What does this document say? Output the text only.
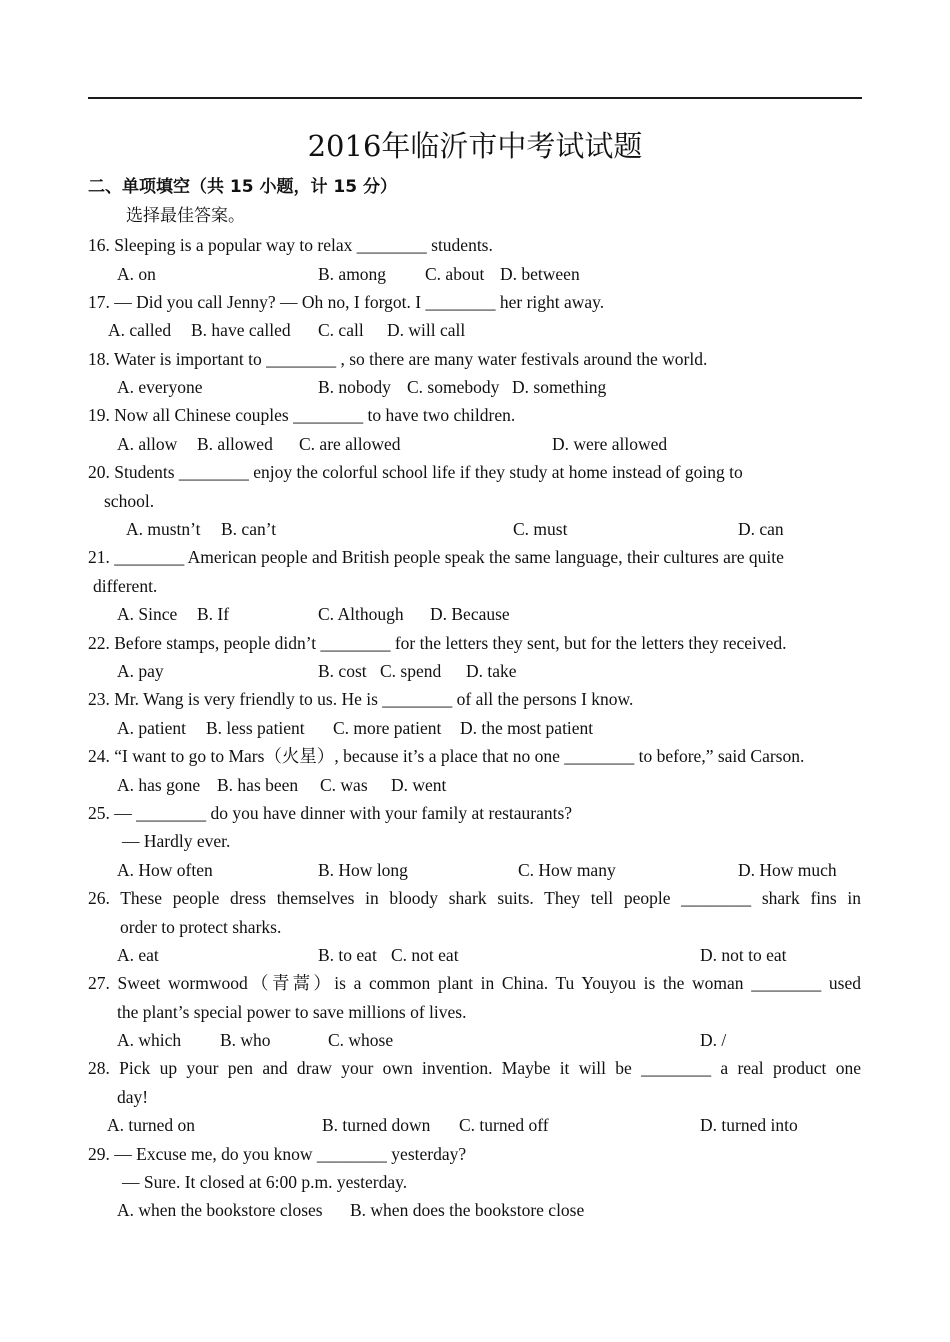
2016年临沂市中考试试题
二、单项填空（共 15 小题，计 15 分）
选择最佳答案。
16. Sleeping is a popular way to relax ________ students.
A. on	B. among C. about D. between
17. — Did you call Jenny? — Oh no, I forgot. I ________ her right away.
A. called B. have called C. call D. will call
18. Water is important to ________ , so there are many water festivals around the world.
A. everyone	B. nobody C. somebody D. something
19. Now all Chinese couples ________ to have two children.
A. allow B. allowed C. are allowed	D. were allowed
20. Students ________ enjoy the colorful school life if they study at home instead of going to
school.
A. mustn’t B. can’t	C. must	D. can
21. ________ American people and British people speak the same language, their cultures are quite
different.
A. Since B. If	C. Although D. Because
22. Before stamps, people didn’t ________ for the letters they sent, but for the letters they received.
A. pay	B. cost C. spend D. take
23. Mr. Wang is very friendly to us. He is ________ of all the persons I know.
A. patient B. less patient C. more patient D. the most patient
24. “I want to go to Mars（火星）, because it’s a place that no one ________ to before,” said Carson.
A. has gone B. has been C. was D. went
25. — ________ do you have dinner with your family at restaurants?
— Hardly ever.
A. How often	B. How long	C. How many	D. How much
26. These people dress themselves in bloody shark suits. They tell people ________ shark fins in
order to protect sharks.
A. eat	B. to eat C. not eat	D. not to eat
27. Sweet wormwood（青蒿）is a common plant in China. Tu Youyou is the woman ________ used
the plant’s special power to save millions of lives.
A. which B. who	C. whose	D. /
28. Pick up your pen and draw your own invention. Maybe it will be ________ a real product one
day!
A. turned on	B. turned down C. turned off	D. turned into
29. — Excuse me, do you know ________ yesterday?
— Sure. It closed at 6:00 p.m. yesterday.
A. when the bookstore closes B. when does the bookstore close
